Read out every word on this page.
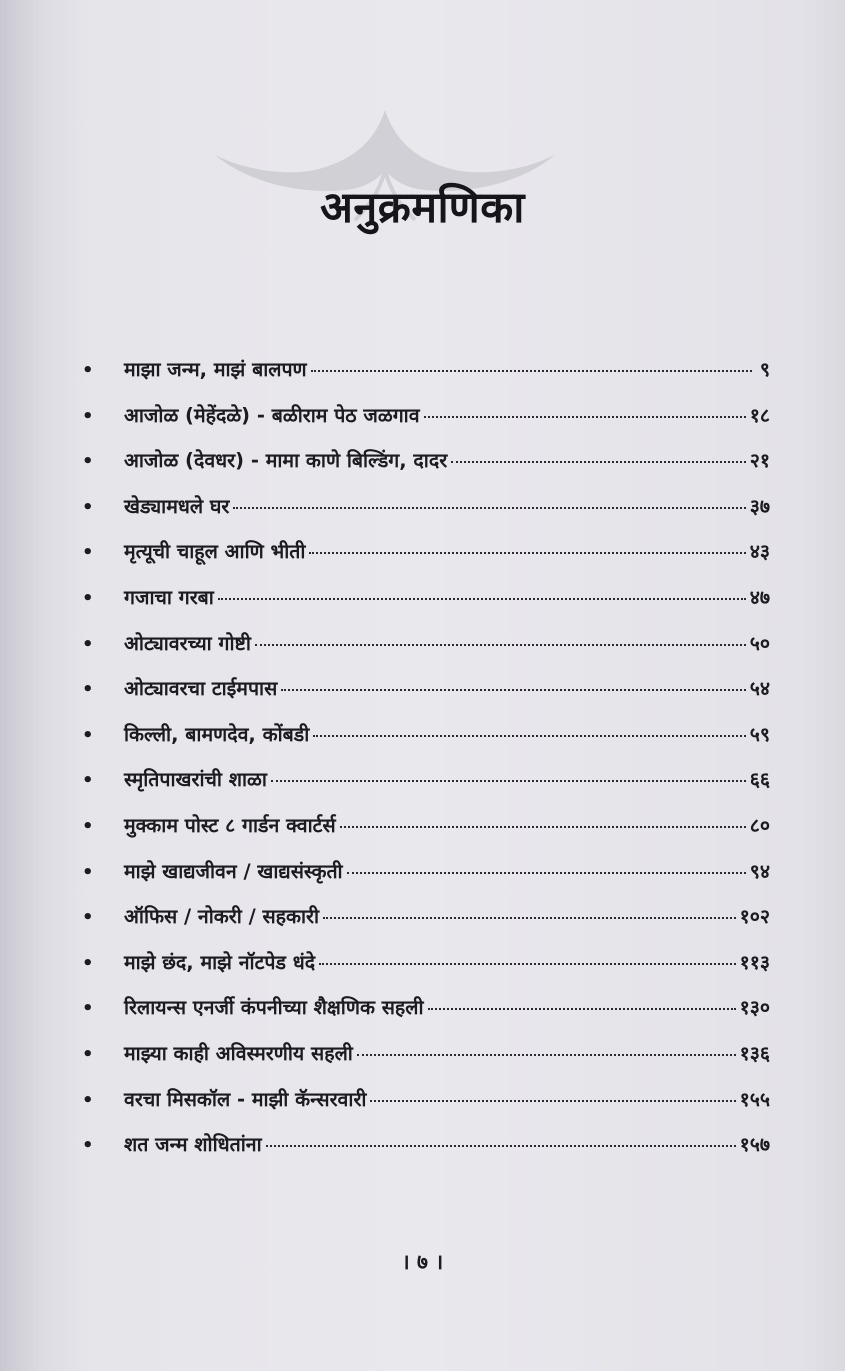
अनुक्रमणिका
•	माझा जन्म, माझं बालपण	९
•	आजोळ (मेहेंदळे) - बळीराम पेठ जळगाव	१८
•	आजोळ (देवधर) - मामा काणे बिल्डिंग, दादर	२१
•	खेड्यामधले घर	३७
•	मृत्यूची चाहूल आणि भीती	४३
•	गजाचा गरबा	४७
•	ओट्यावरच्या गोष्टी	५०
•	ओट्यावरचा टाईमपास	५४
•	किल्ली, बामणदेव, कोंबडी	५९
•	स्मृतिपाखरांची शाळा	६६
•	मुक्काम पोस्ट ८ गार्डन क्वार्टर्स	८०
•	माझे खाद्यजीवन / खाद्यसंस्कृती	९४
•	ऑफिस / नोकरी / सहकारी	१०२
•	माझे छंद, माझे नॉटपेड धंदे	११३
•	रिलायन्स एनर्जी कंपनीच्या शैक्षणिक सहली	१३०
•	माझ्या काही अविस्मरणीय सहली	१३६
•	वरचा मिसकॉल - माझी कॅन्सरवारी	१५५
•	शत जन्म शोधितांना	१५७
। ७ ।
